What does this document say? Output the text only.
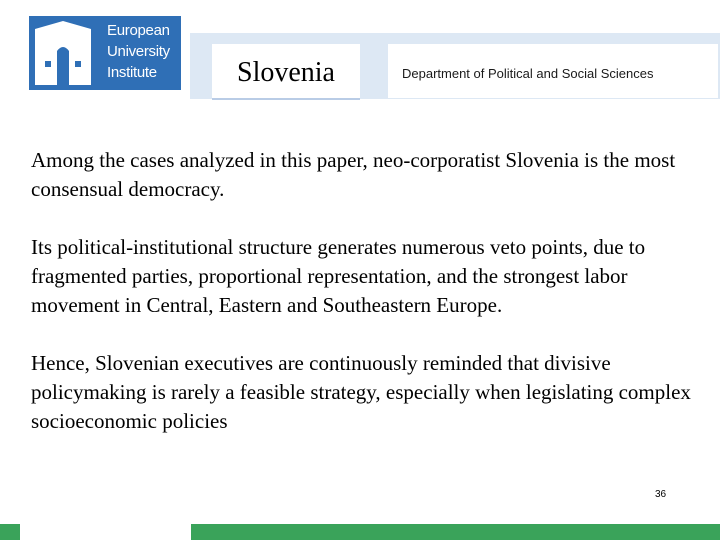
European
University
Institute	Slovenia	Department of Political and Social Sciences

Among the cases analyzed in this paper, neo-corporatist Slovenia is the most consensual democracy.

Its political-institutional structure generates numerous veto points, due to fragmented parties, proportional representation, and the strongest labor movement in Central, Eastern and Southeastern Europe.

Hence, Slovenian executives are continuously reminded that divisive policymaking is rarely a feasible strategy, especially when legislating complex socioeconomic policies

36
